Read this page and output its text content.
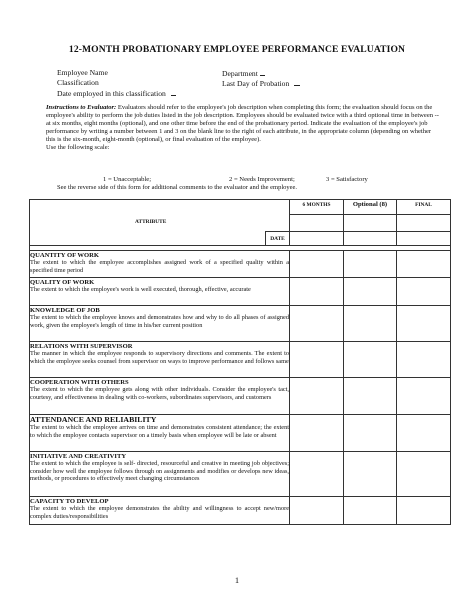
12-MONTH PROBATIONARY EMPLOYEE PERFORMANCE EVALUATION
Employee Name	Department
Classification	Last Day of Probation
Date employed in this classification
Instructions to Evaluator: Evaluators should refer to the employee's job description when completing this form; the evaluation should focus on the employee's ability to perform the job duties listed in the job description. Employees should be evaluated twice with a third optional time in between -- at six months, eight months (optional), and one other time before the end of the probationary period. Indicate the evaluation of the employee's job performance by writing a number between 1 and 3 on the blank line to the right of each attribute, in the appropriate column (depending on whether this is the six-month, eight-month (optional), or final evaluation of the employee).
Use the following scale:
1 = Unacceptable;	2 = Needs Improvement;	3 = Satisfactory
See the reverse side of this form for additional comments to the evaluator and the employee.
ATTRIBUTE		6 MONTHS	Optional (8)	FINAL

	DATE			

QUANTITY OF WORK
The extent to which the employee accomplishes assigned work of a specified quality within a specified time period				

QUALITY OF WORK
The extent to which the employee's work is well executed, thorough, effective, accurate				

KNOWLEDGE OF JOB
The extent to which the employee knows and demonstrates how and why to do all phases of assigned work, given the employee's length of time in his/her current position				

RELATIONS WITH SUPERVISOR
The manner in which the employee responds to supervisory directions and comments. The extent to which the employee seeks counsel from supervisor on ways to improve performance and follows same				

COOPERATION WITH OTHERS
The extent to which the employee gets along with other individuals. Consider the employee's tact, courtesy, and effectiveness in dealing with co-workers, subordinates supervisors, and customers				

ATTENDANCE AND RELIABILITY
The extent to which the employee arrives on time and demonstrates consistent attendance; the extent to which the employee contacts supervisor on a timely basis when employee will be late or absent				

INITIATIVE AND CREATIVITY
The extent to which the employee is self- directed, resourceful and creative in meeting job objectives; consider how well the employee follows through on assignments and modifies or develops new ideas, methods, or procedures to effectively meet changing circumstances				

CAPACITY TO DEVELOP
The extent to which the employee demonstrates the ability and willingness to accept new/more complex duties/responsibilities				

1
